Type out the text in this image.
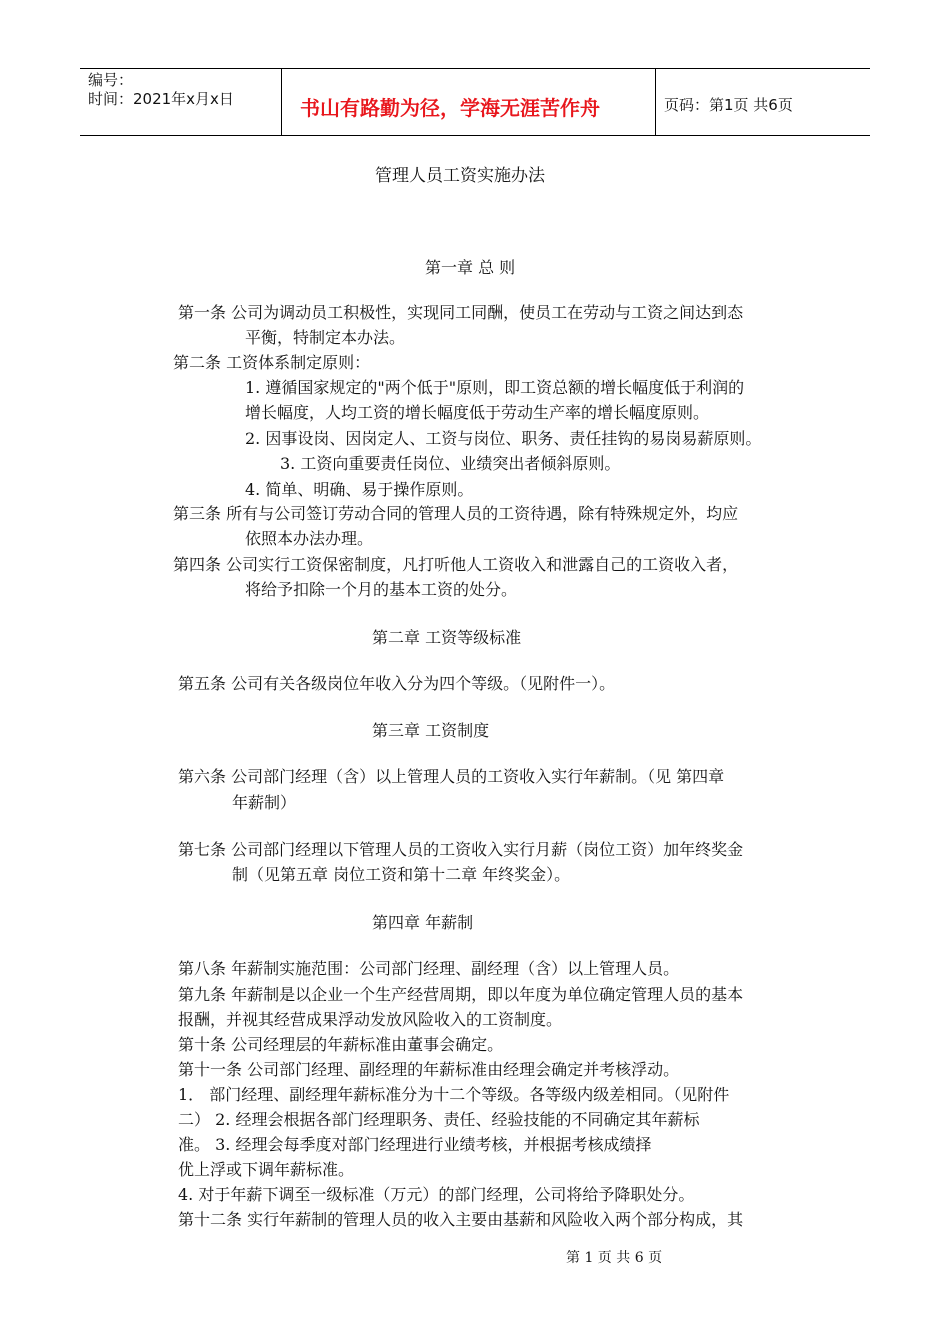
编号：
时间：2021年x月x日	书山有路勤为径，学海无涯苦作舟	页码：第1页 共6页
管理人员工资实施办法
第一章 总 则
第一条 公司为调动员工积极性，实现同工同酬，使员工在劳动与工资之间达到态
平衡，特制定本办法。
第二条 工资体系制定原则：
1. 遵循国家规定的"两个低于"原则，即工资总额的增长幅度低于利润的
增长幅度，人均工资的增长幅度低于劳动生产率的增长幅度原则。
2. 因事设岗、因岗定人、工资与岗位、职务、责任挂钩的易岗易薪原则。
3. 工资向重要责任岗位、业绩突出者倾斜原则。
4. 简单、明确、易于操作原则。
第三条 所有与公司签订劳动合同的管理人员的工资待遇，除有特殊规定外，均应
依照本办法办理。
第四条 公司实行工资保密制度，凡打听他人工资收入和泄露自己的工资收入者，
将给予扣除一个月的基本工资的处分。
第二章 工资等级标准
第五条 公司有关各级岗位年收入分为四个等级。（见附件一）。
第三章 工资制度
第六条 公司部门经理（含）以上管理人员的工资收入实行年薪制。（见 第四章
年薪制）
第七条 公司部门经理以下管理人员的工资收入实行月薪（岗位工资）加年终奖金
制（见第五章 岗位工资和第十二章 年终奖金）。
第四章 年薪制
第八条 年薪制实施范围：公司部门经理、副经理（含）以上管理人员。
第九条 年薪制是以企业一个生产经营周期，即以年度为单位确定管理人员的基本
报酬，并视其经营成果浮动发放风险收入的工资制度。
第十条 公司经理层的年薪标准由董事会确定。
第十一条 公司部门经理、副经理的年薪标准由经理会确定并考核浮动。
1． 部门经理、副经理年薪标准分为十二个等级。各等级内级差相同。（见附件
二） 2. 经理会根据各部门经理职务、责任、经验技能的不同确定其年薪标
准。 3. 经理会每季度对部门经理进行业绩考核，并根据考核成绩择
优上浮或下调年薪标准。
4. 对于年薪下调至一级标准（万元）的部门经理，公司将给予降职处分。
第十二条 实行年薪制的管理人员的收入主要由基薪和风险收入两个部分构成，其
第 1 页 共 6 页
